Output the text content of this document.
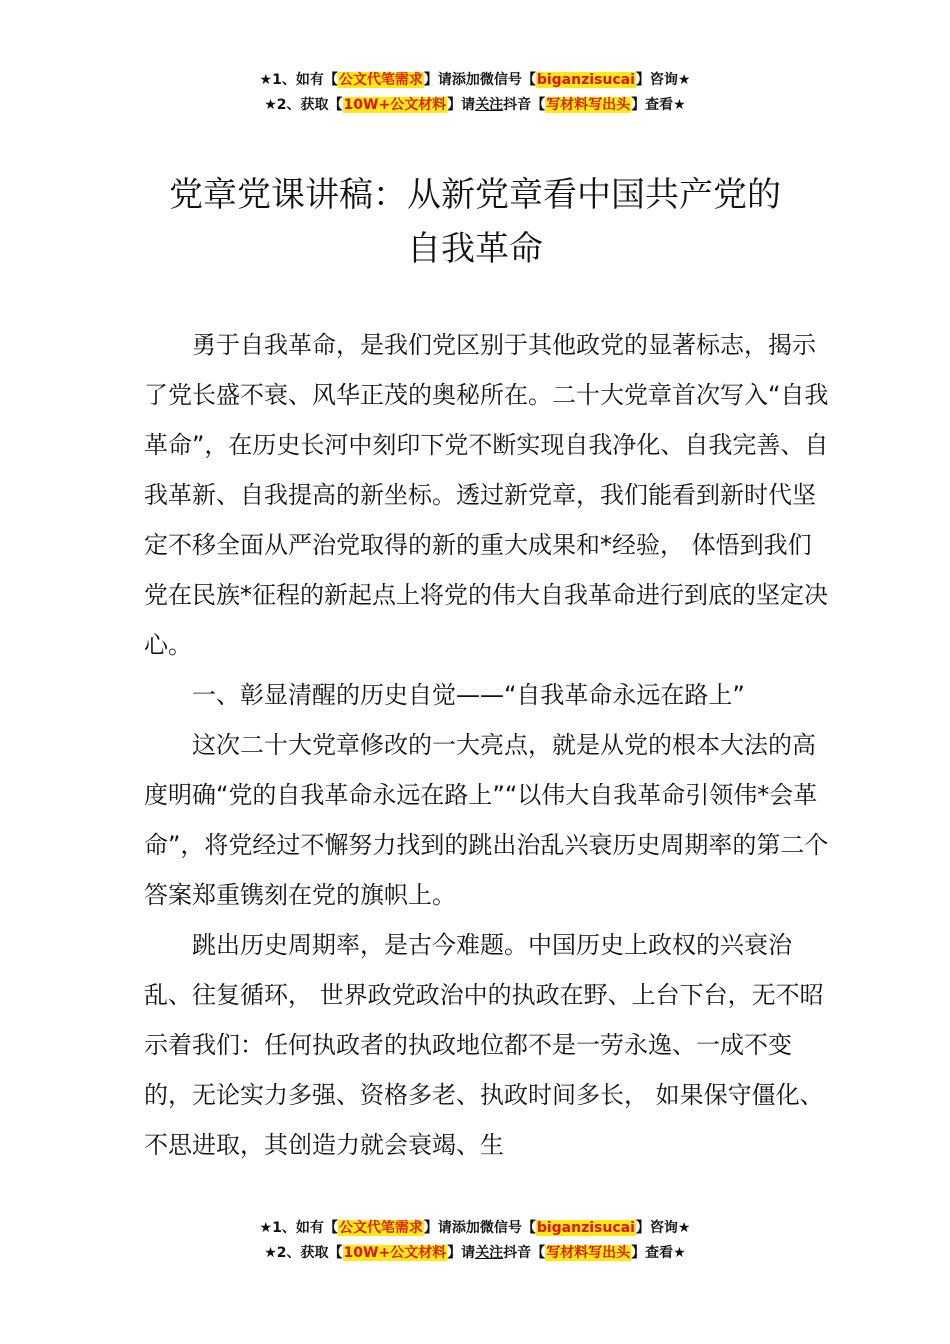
★1、如有【公文代笔需求】请添加微信号【biganzisucai】咨询★
★2、获取【10W+公文材料】请关注抖音【写材料写出头】查看★
党章党课讲稿：从新党章看中国共产党的
自我革命

勇于自我革命，是我们党区别于其他政党的显著标志，揭示了党长盛不衰、风华正茂的奥秘所在。二十大党章首次写入“自我革命”，在历史长河中刻印下党不断实现自我净化、自我完善、自我革新、自我提高的新坐标。透过新党章，我们能看到新时代坚定不移全面从严治党取得的新的重大成果和*经验， 体悟到我们党在民族*征程的新起点上将党的伟大自我革命进行到底的坚定决心。

一、彰显清醒的历史自觉——“自我革命永远在路上”

这次二十大党章修改的一大亮点，就是从党的根本大法的高度明确“党的自我革命永远在路上”“以伟大自我革命引领伟*会革命”，将党经过不懈努力找到的跳出治乱兴衰历史周期率的第二个答案郑重镌刻在党的旗帜上。

跳出历史周期率，是古今难题。中国历史上政权的兴衰治乱、往复循环， 世界政党政治中的执政在野、上台下台，无不昭示着我们：任何执政者的执政地位都不是一劳永逸、一成不变的，无论实力多强、资格多老、执政时间多长， 如果保守僵化、不思进取，其创造力就会衰竭、生

★1、如有【公文代笔需求】请添加微信号【biganzisucai】咨询★
★2、获取【10W+公文材料】请关注抖音【写材料写出头】查看★
